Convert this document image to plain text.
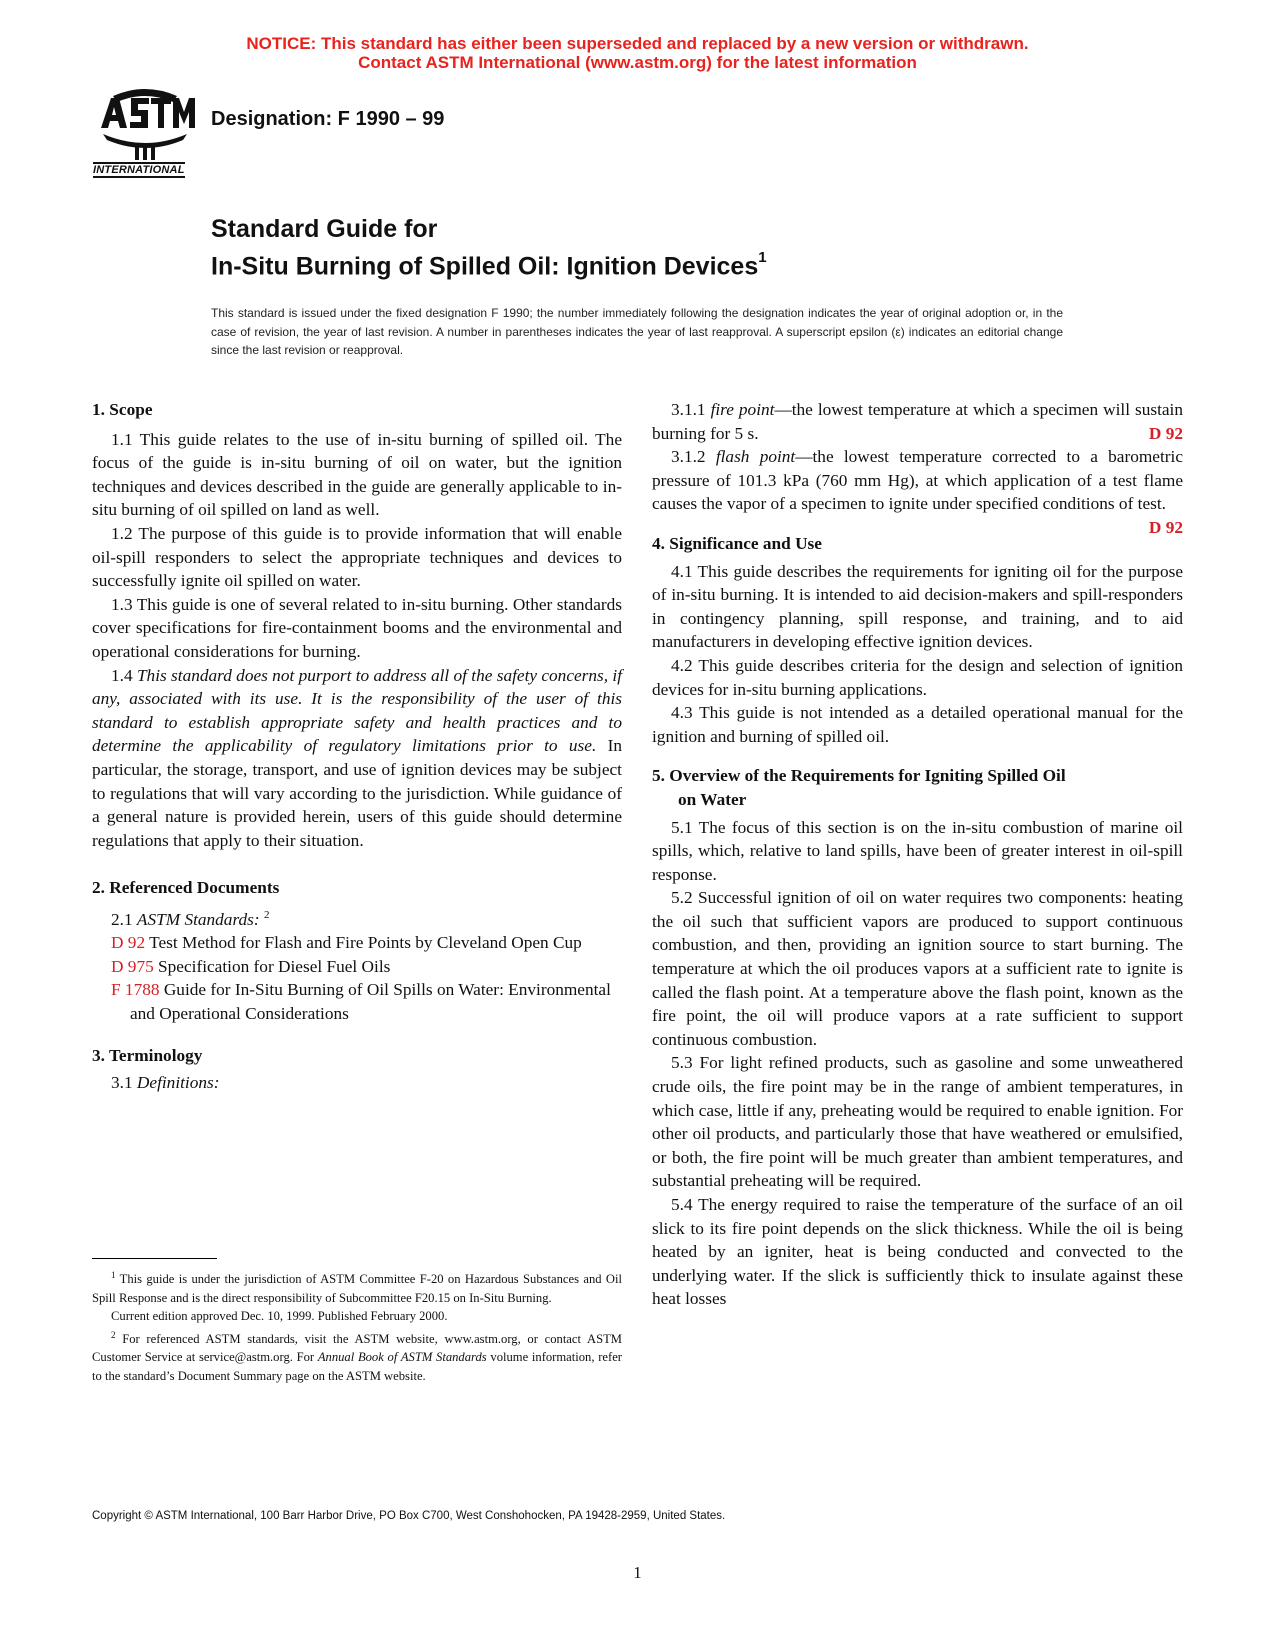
NOTICE: This standard has either been superseded and replaced by a new version or withdrawn.
Contact ASTM International (www.astm.org) for the latest information
INTERNATIONAL
Designation: F 1990 – 99
Standard Guide for
In-Situ Burning of Spilled Oil: Ignition Devices$^1$
This standard is issued under the fixed designation F 1990; the number immediately following the designation indicates the year of original adoption or, in the case of revision, the year of last revision. A number in parentheses indicates the year of last reapproval. A superscript epsilon (ε) indicates an editorial change since the last revision or reapproval.
1. Scope

1.1 This guide relates to the use of in-situ burning of spilled oil. The focus of the guide is in-situ burning of oil on water, but the ignition techniques and devices described in the guide are generally applicable to in-situ burning of oil spilled on land as well.

1.2 The purpose of this guide is to provide information that will enable oil-spill responders to select the appropriate techniques and devices to successfully ignite oil spilled on water.

1.3 This guide is one of several related to in-situ burning. Other standards cover specifications for fire-containment booms and the environmental and operational considerations for burning.

1.4 This standard does not purport to address all of the safety concerns, if any, associated with its use. It is the responsibility of the user of this standard to establish appropriate safety and health practices and to determine the applicability of regulatory limitations prior to use. In particular, the storage, transport, and use of ignition devices may be subject to regulations that will vary according to the jurisdiction. While guidance of a general nature is provided herein, users of this guide should determine regulations that apply to their situation.

2. Referenced Documents

2.1 ASTM Standards: $^2$

D 92 Test Method for Flash and Fire Points by Cleveland Open Cup

D 975 Specification for Diesel Fuel Oils

F 1788 Guide for In-Situ Burning of Oil Spills on Water: Environmental and Operational Considerations

3. Terminology

3.1 Definitions:

$^1$ This guide is under the jurisdiction of ASTM Committee F-20 on Hazardous Substances and Oil Spill Response and is the direct responsibility of Subcommittee F20.15 on In-Situ Burning.

Current edition approved Dec. 10, 1999. Published February 2000.

$^2$ For referenced ASTM standards, visit the ASTM website, www.astm.org, or contact ASTM Customer Service at service@astm.org. For Annual Book of ASTM Standards volume information, refer to the standard’s Document Summary page on the ASTM website.

3.1.1 fire point—the lowest temperature at which a specimen will sustain burning for 5 s.	D 92

3.1.2 flash point—the lowest temperature corrected to a barometric pressure of 101.3 kPa (760 mm Hg), at which application of a test flame causes the vapor of a specimen to ignite under specified conditions of test.
D 92

4. Significance and Use

4.1 This guide describes the requirements for igniting oil for the purpose of in-situ burning. It is intended to aid decision-makers and spill-responders in contingency planning, spill response, and training, and to aid manufacturers in developing effective ignition devices.

4.2 This guide describes criteria for the design and selection of ignition devices for in-situ burning applications.

4.3 This guide is not intended as a detailed operational manual for the ignition and burning of spilled oil.

5. Overview of the Requirements for Igniting Spilled Oil
on Water

5.1 The focus of this section is on the in-situ combustion of marine oil spills, which, relative to land spills, have been of greater interest in oil-spill response.

5.2 Successful ignition of oil on water requires two components: heating the oil such that sufficient vapors are produced to support continuous combustion, and then, providing an ignition source to start burning. The temperature at which the oil produces vapors at a sufficient rate to ignite is called the flash point. At a temperature above the flash point, known as the fire point, the oil will produce vapors at a rate sufficient to support continuous combustion.

5.3 For light refined products, such as gasoline and some unweathered crude oils, the fire point may be in the range of ambient temperatures, in which case, little if any, preheating would be required to enable ignition. For other oil products, and particularly those that have weathered or emulsified, or both, the fire point will be much greater than ambient temperatures, and substantial preheating will be required.

5.4 The energy required to raise the temperature of the surface of an oil slick to its fire point depends on the slick thickness. While the oil is being heated by an igniter, heat is being conducted and convected to the underlying water. If the slick is sufficiently thick to insulate against these heat losses

Copyright © ASTM International, 100 Barr Harbor Drive, PO Box C700, West Conshohocken, PA 19428-2959, United States.
1
